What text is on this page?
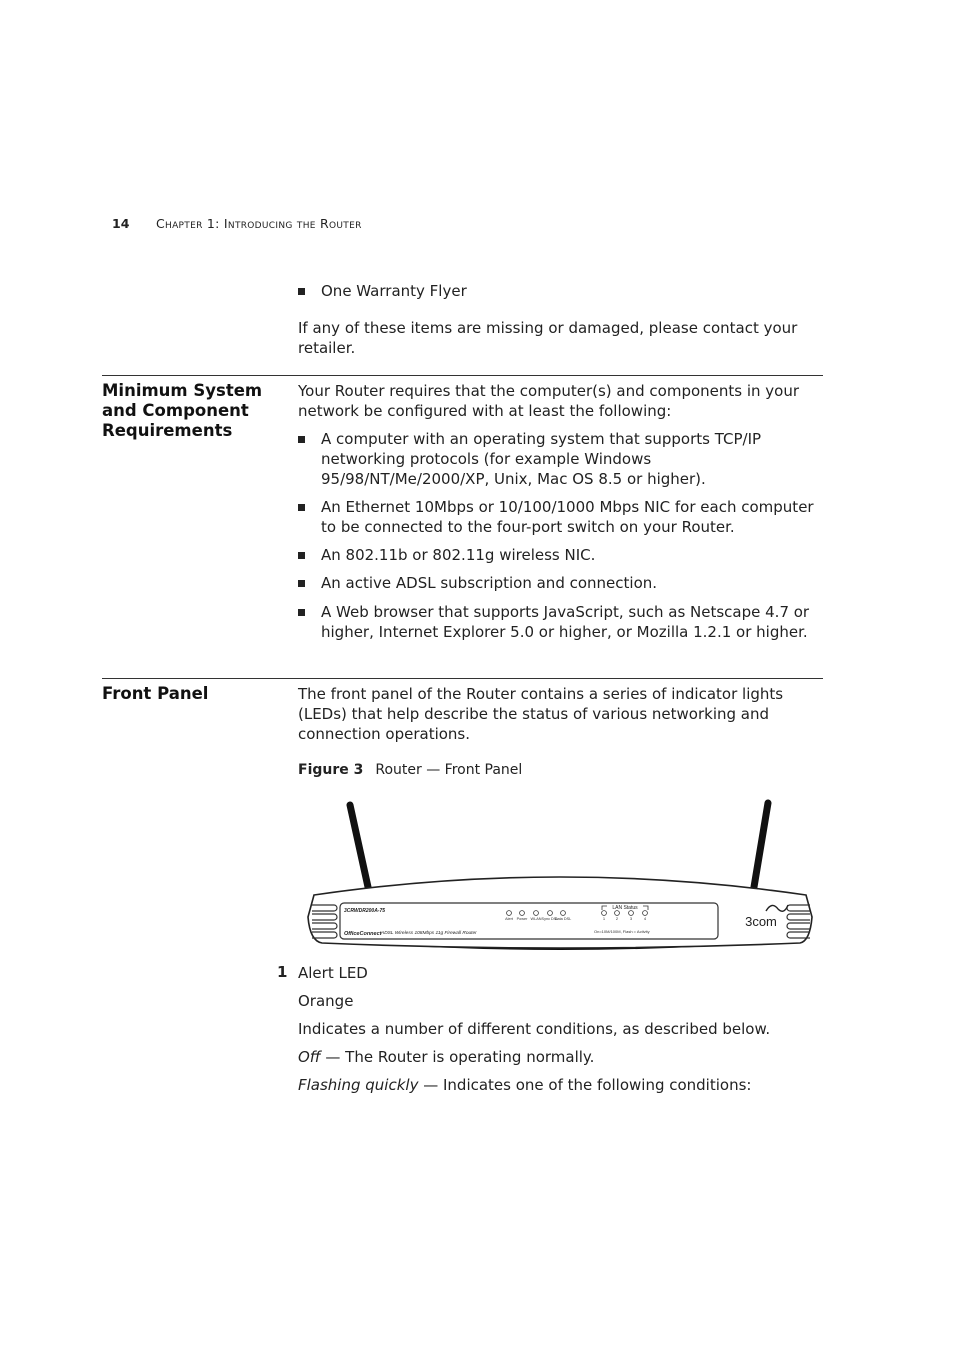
14 Chapter 1: Introducing the Router
One Warranty Flyer
If any of these items are missing or damaged, please contact your retailer.
Minimum System and Component Requirements
Your Router requires that the computer(s) and components in your network be configured with at least the following:
A computer with an operating system that supports TCP/IP networking protocols (for example Windows 95/98/NT/Me/2000/XP, Unix, Mac OS 8.5 or higher).
An Ethernet 10Mbps or 10/100/1000 Mbps NIC for each computer to be connected to the four-port switch on your Router.
An 802.11b or 802.11g wireless NIC.
An active ADSL subscription and connection.
A Web browser that supports JavaScript, such as Netscape 4.7 or higher, Internet Explorer 5.0 or higher, or Mozilla 1.2.1 or higher.
Front Panel	The front panel of the Router contains a series of indicator lights (LEDs) that help describe the status of various networking and connection operations.
Figure 3 Router — Front Panel
3CRWDR200A-75
OfficeConnect ADSL Wireless 108Mbps 11g Firewall Router
Alert Power WLAN Sync DSL
Data DSL
LAN Status
1	2	3	4
On=10M/100M, Flash = Activity
3com
1 Alert LED
Orange
Indicates a number of different conditions, as described below.
Off — The Router is operating normally.
Flashing quickly — Indicates one of the following conditions:
